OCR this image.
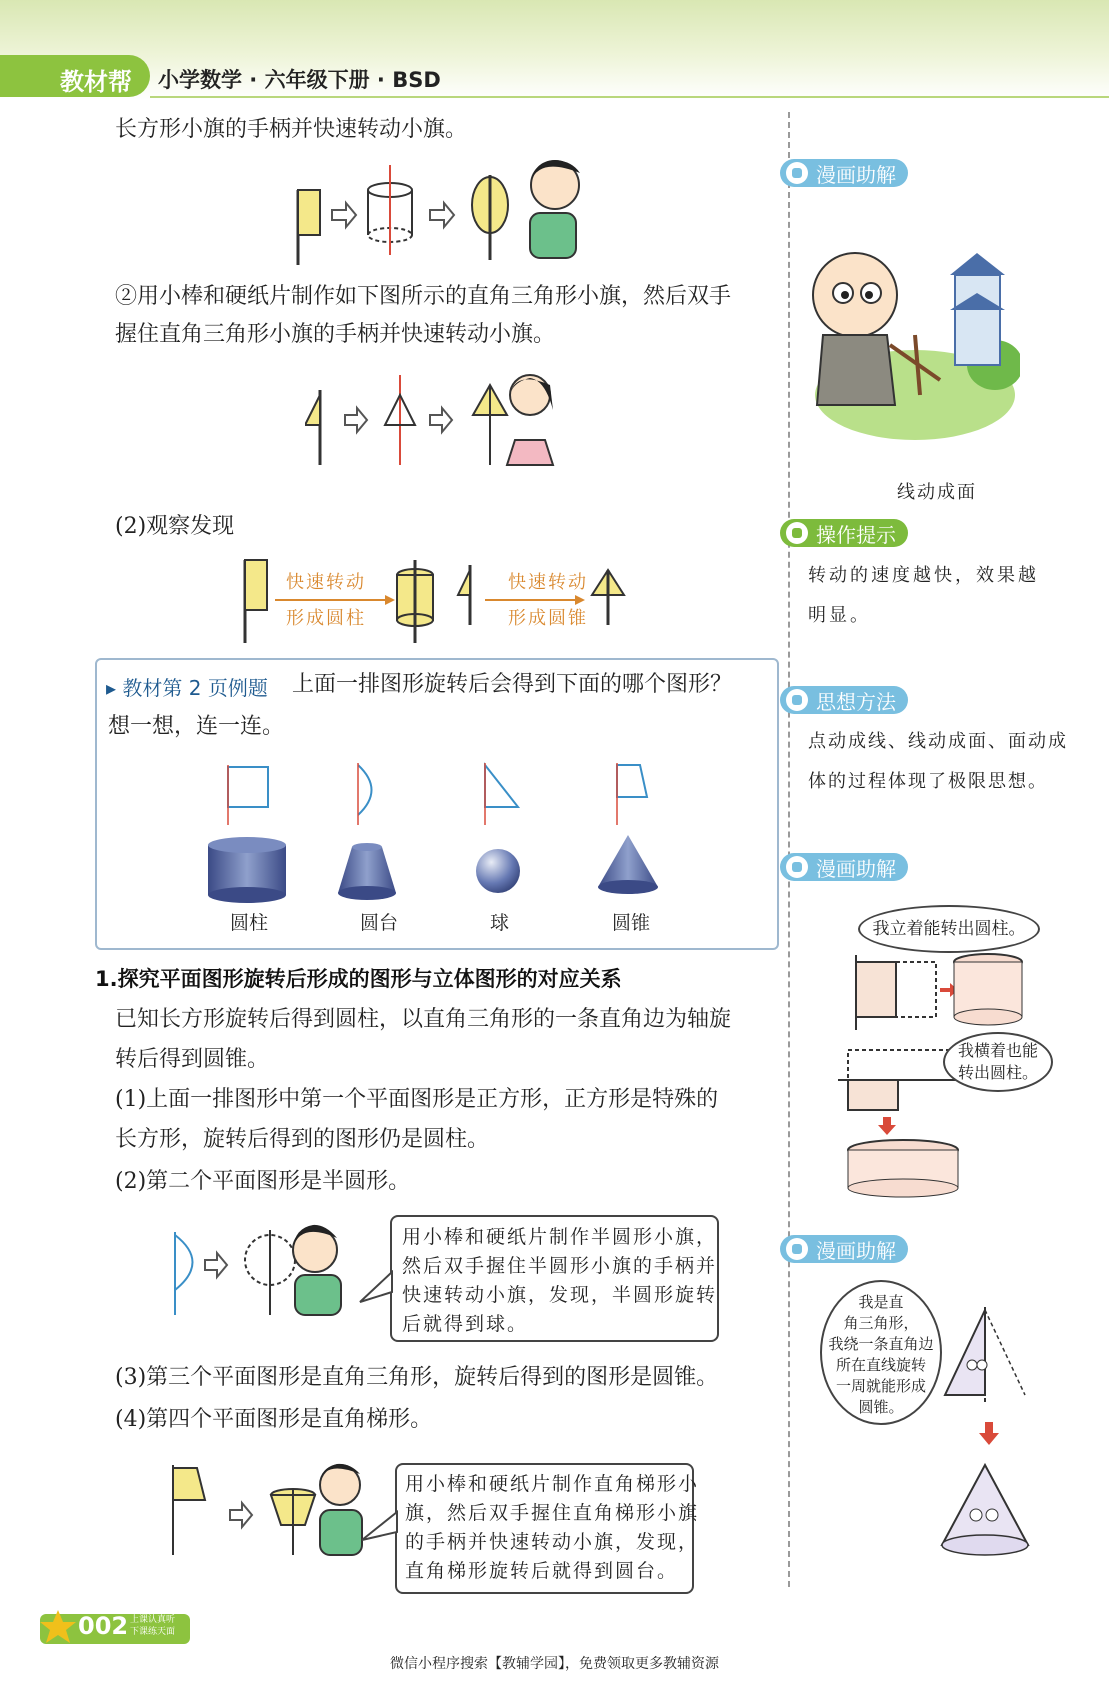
教材帮 小学数学 · 六年级下册 · BSD
长方形小旗的手柄并快速转动小旗。
②用小棒和硬纸片制作如下图所示的直角三角形小旗，然后双手
握住直角三角形小旗的手柄并快速转动小旗。
(2)观察发现
快速转动
形成圆柱
快速转动
形成圆锥
▸ 教材第 2 页例题 上面一排图形旋转后会得到下面的哪个图形？
想一想，连一连。
圆柱	圆台	球	圆锥
1.探究平面图形旋转后形成的图形与立体图形的对应关系
已知长方形旋转后得到圆柱，以直角三角形的一条直角边为轴旋
转后得到圆锥。
(1)上面一排图形中第一个平面图形是正方形，正方形是特殊的
长方形，旋转后得到的图形仍是圆柱。
(2)第二个平面图形是半圆形。
用小棒和硬纸片制作半圆形小旗，
然后双手握住半圆形小旗的手柄并
快速转动小旗，发现，半圆形旋转
后就得到球。
(3)第三个平面图形是直角三角形，旋转后得到的图形是圆锥。
(4)第四个平面图形是直角梯形。
用小棒和硬纸片制作直角梯形小
旗，然后双手握住直角梯形小旗
的手柄并快速转动小旗，发现，
直角梯形旋转后就得到圆台。
漫画助解
线动成面
操作提示
转动的速度越快，效果越
明显。
思想方法
点动成线、线动成面、面动成
体的过程体现了极限思想。
漫画助解
我立着能转出圆柱。
我横着也能
转出圆柱。
漫画助解
我是直
角三角形，
我绕一条直角边
所在直线旋转
一周就能形成
圆锥。
002 上课认真听
下课练天面
微信小程序搜索【教辅学园】，免费领取更多教辅资源
